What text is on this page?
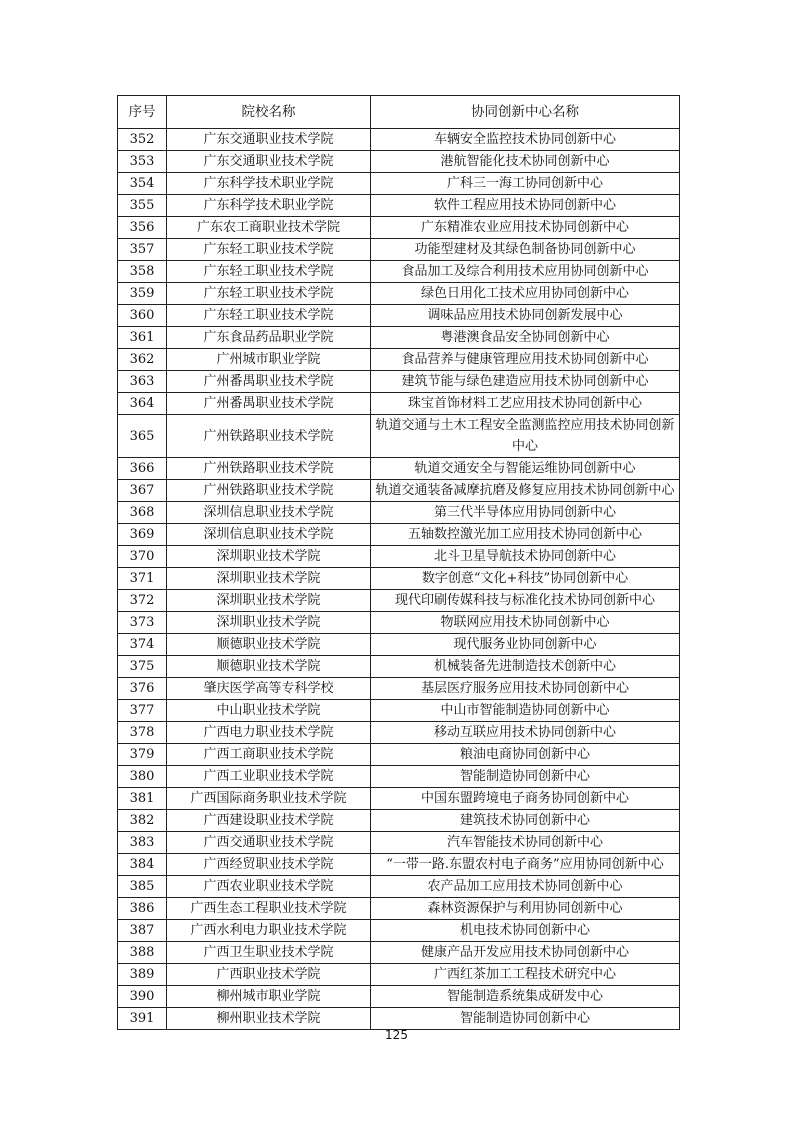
序号	院校名称	协同创新中心名称
352	广东交通职业技术学院	车辆安全监控技术协同创新中心
353	广东交通职业技术学院	港航智能化技术协同创新中心
354	广东科学技术职业学院	广科三一海工协同创新中心
355	广东科学技术职业学院	软件工程应用技术协同创新中心
356	广东农工商职业技术学院	广东精准农业应用技术协同创新中心
357	广东轻工职业技术学院	功能型建材及其绿色制备协同创新中心
358	广东轻工职业技术学院	食品加工及综合利用技术应用协同创新中心
359	广东轻工职业技术学院	绿色日用化工技术应用协同创新中心
360	广东轻工职业技术学院	调味品应用技术协同创新发展中心
361	广东食品药品职业学院	粤港澳食品安全协同创新中心
362	广州城市职业学院	食品营养与健康管理应用技术协同创新中心
363	广州番禺职业技术学院	建筑节能与绿色建造应用技术协同创新中心
364	广州番禺职业技术学院	珠宝首饰材料工艺应用技术协同创新中心
365	广州铁路职业技术学院	轨道交通与土木工程安全监测监控应用技术协同创新中心
366	广州铁路职业技术学院	轨道交通安全与智能运维协同创新中心
367	广州铁路职业技术学院	轨道交通装备减摩抗磨及修复应用技术协同创新中心
368	深圳信息职业技术学院	第三代半导体应用协同创新中心
369	深圳信息职业技术学院	五轴数控激光加工应用技术协同创新中心
370	深圳职业技术学院	北斗卫星导航技术协同创新中心
371	深圳职业技术学院	数字创意“文化+科技”协同创新中心
372	深圳职业技术学院	现代印刷传媒科技与标准化技术协同创新中心
373	深圳职业技术学院	物联网应用技术协同创新中心
374	顺德职业技术学院	现代服务业协同创新中心
375	顺德职业技术学院	机械装备先进制造技术创新中心
376	肇庆医学高等专科学校	基层医疗服务应用技术协同创新中心
377	中山职业技术学院	中山市智能制造协同创新中心
378	广西电力职业技术学院	移动互联应用技术协同创新中心
379	广西工商职业技术学院	粮油电商协同创新中心
380	广西工业职业技术学院	智能制造协同创新中心
381	广西国际商务职业技术学院	中国东盟跨境电子商务协同创新中心
382	广西建设职业技术学院	建筑技术协同创新中心
383	广西交通职业技术学院	汽车智能技术协同创新中心
384	广西经贸职业技术学院	“一带一路.东盟农村电子商务”应用协同创新中心
385	广西农业职业技术学院	农产品加工应用技术协同创新中心
386	广西生态工程职业技术学院	森林资源保护与利用协同创新中心
387	广西水利电力职业技术学院	机电技术协同创新中心
388	广西卫生职业技术学院	健康产品开发应用技术协同创新中心
389	广西职业技术学院	广西红茶加工工程技术研究中心
390	柳州城市职业学院	智能制造系统集成研发中心
391	柳州职业技术学院	智能制造协同创新中心
125
